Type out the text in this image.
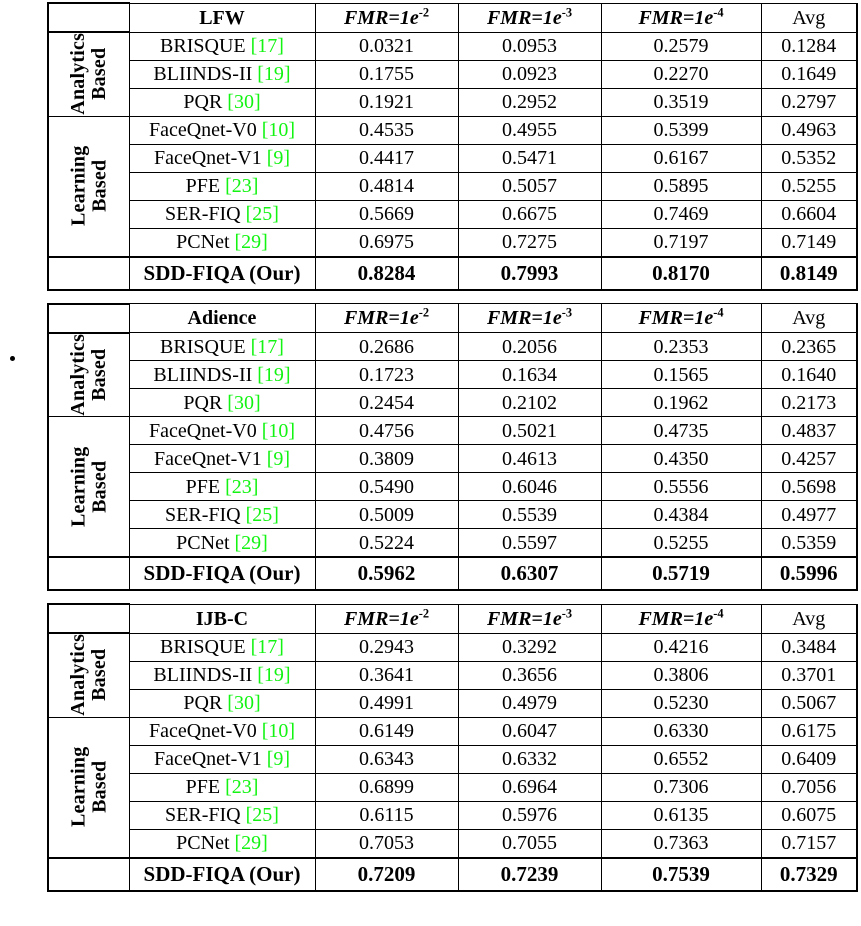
	LFW	$FMR=1e^{-2}$	$FMR=1e^{-3}$	$FMR=1e^{-4}$	Avg

Analytics
Based	BRISQUE [17]	0.0321	0.0953	0.2579	0.1284
	BLIINDS-II [19]	0.1755	0.0923	0.2270	0.1649
	PQR [30]	0.1921	0.2952	0.3519	0.2797

Learning
Based	FaceQnet-V0 [10]	0.4535	0.4955	0.5399	0.4963
	FaceQnet-V1 [9]	0.4417	0.5471	0.6167	0.5352
	PFE [23]	0.4814	0.5057	0.5895	0.5255
	SER-FIQ [25]	0.5669	0.6675	0.7469	0.6604
	PCNet [29]	0.6975	0.7275	0.7197	0.7149
	SDD-FIQA (Our)	0.8284	0.7993	0.8170	0.8149
	Adience	$FMR=1e^{-2}$	$FMR=1e^{-3}$	$FMR=1e^{-4}$	Avg

Analytics
Based	BRISQUE [17]	0.2686	0.2056	0.2353	0.2365
	BLIINDS-II [19]	0.1723	0.1634	0.1565	0.1640
	PQR [30]	0.2454	0.2102	0.1962	0.2173

Learning
Based	FaceQnet-V0 [10]	0.4756	0.5021	0.4735	0.4837
	FaceQnet-V1 [9]	0.3809	0.4613	0.4350	0.4257
	PFE [23]	0.5490	0.6046	0.5556	0.5698
	SER-FIQ [25]	0.5009	0.5539	0.4384	0.4977
	PCNet [29]	0.5224	0.5597	0.5255	0.5359
	SDD-FIQA (Our)	0.5962	0.6307	0.5719	0.5996
	IJB-C	$FMR=1e^{-2}$	$FMR=1e^{-3}$	$FMR=1e^{-4}$	Avg

Analytics
Based	BRISQUE [17]	0.2943	0.3292	0.4216	0.3484
	BLIINDS-II [19]	0.3641	0.3656	0.3806	0.3701
	PQR [30]	0.4991	0.4979	0.5230	0.5067

Learning
Based	FaceQnet-V0 [10]	0.6149	0.6047	0.6330	0.6175
	FaceQnet-V1 [9]	0.6343	0.6332	0.6552	0.6409
	PFE [23]	0.6899	0.6964	0.7306	0.7056
	SER-FIQ [25]	0.6115	0.5976	0.6135	0.6075
	PCNet [29]	0.7053	0.7055	0.7363	0.7157
	SDD-FIQA (Our)	0.7209	0.7239	0.7539	0.7329
